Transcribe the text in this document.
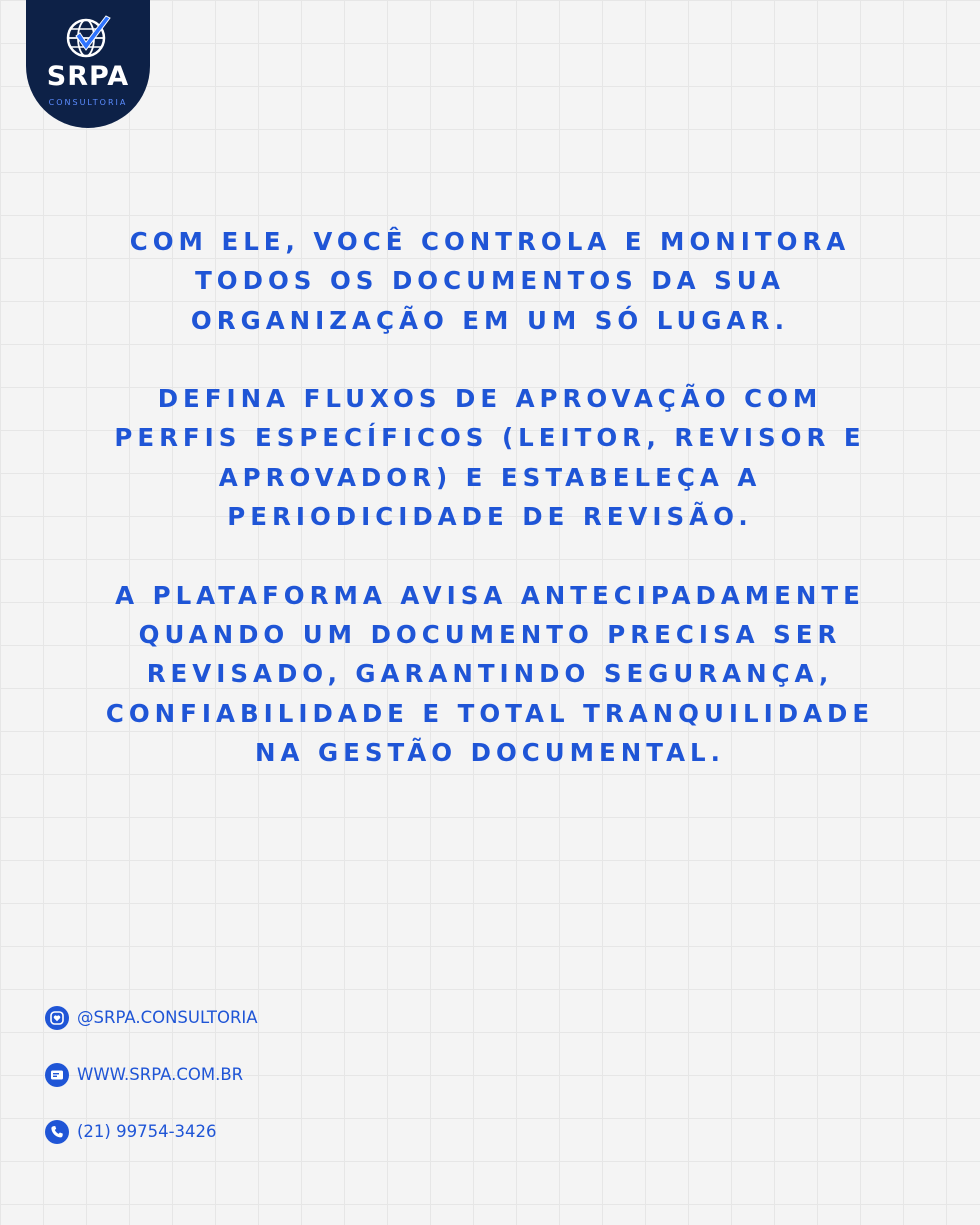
SRPA
CONSULTORIA

COM ELE, VOCÊ CONTROLA E MONITORA TODOS OS DOCUMENTOS DA SUA ORGANIZAÇÃO EM UM SÓ LUGAR.

DEFINA FLUXOS DE APROVAÇÃO COM PERFIS ESPECÍFICOS (LEITOR, REVISOR E APROVADOR) E ESTABELEÇA A PERIODICIDADE DE REVISÃO.

A PLATAFORMA AVISA ANTECIPADAMENTE QUANDO UM DOCUMENTO PRECISA SER REVISADO, GARANTINDO SEGURANÇA, CONFIABILIDADE E TOTAL TRANQUILIDADE NA GESTÃO DOCUMENTAL.

@SRPA.CONSULTORIA
WWW.SRPA.COM.BR
(21) 99754-3426
